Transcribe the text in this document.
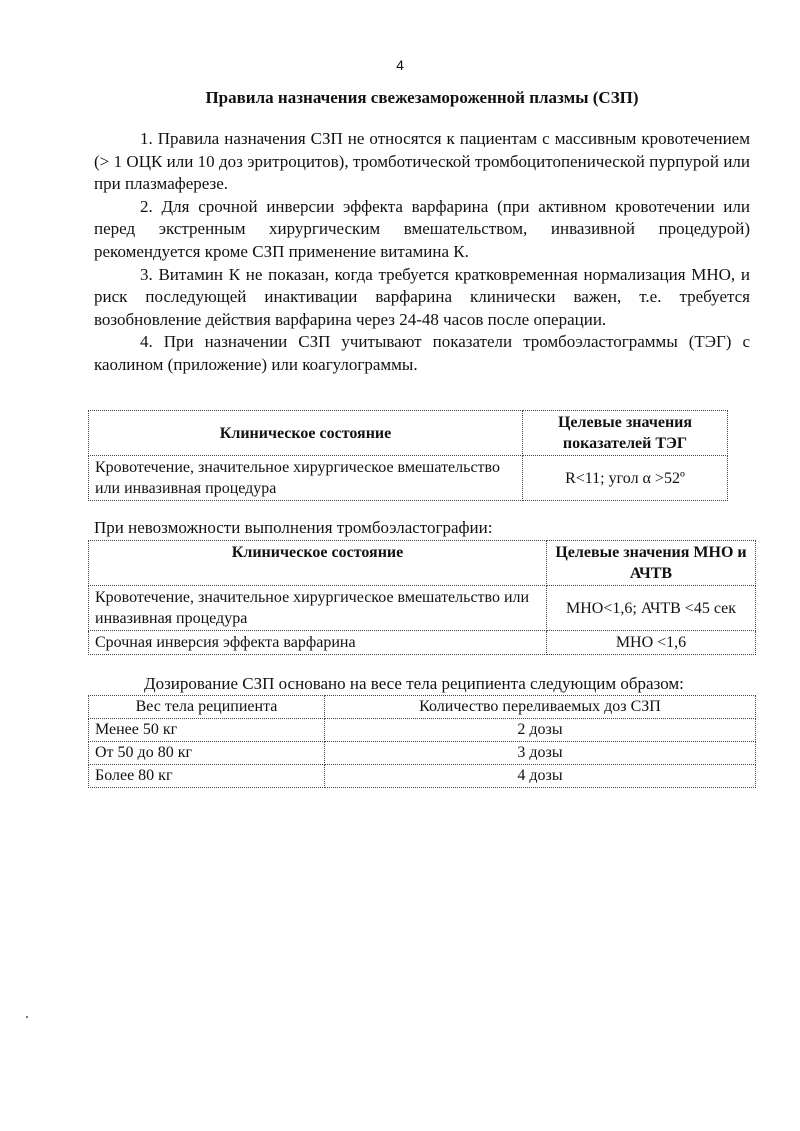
4
Правила назначения свежезамороженной плазмы (СЗП)

1. Правила назначения СЗП не относятся к пациентам с массивным кровотечением (> 1 ОЦК или 10 доз эритроцитов), тромботической тромбоцитопенической пурпурой или при плазмаферезе.

2. Для срочной инверсии эффекта варфарина (при активном кровотечении или перед экстренным хирургическим вмешательством, инвазивной процедурой) рекомендуется кроме СЗП применение витамина К.

3. Витамин К не показан, когда требуется кратковременная нормализация МНО, и риск последующей инактивации варфарина клинически важен, т.е. требуется возобновление действия варфарина через 24-48 часов после операции.

4. При назначении СЗП учитывают показатели тромбоэластограммы (ТЭГ) с каолином (приложение) или коагулограммы.

Клиническое состояние	Целевые значения показателей ТЭГ
Кровотечение, значительное хирургическое вмешательство или инвазивная процедура	R<11; угол α >52º
При невозможности выполнения тромбоэластографии:
Клиническое состояние	Целевые значения МНО и АЧТВ
Кровотечение, значительное хирургическое вмешательство или инвазивная процедура	МНО<1,6; АЧТВ <45 сек
Срочная инверсия эффекта варфарина	МНО <1,6
Дозирование СЗП основано на весе тела реципиента следующим образом:
Вес тела реципиента	Количество переливаемых доз СЗП
Менее 50 кг	2 дозы
От 50 до 80 кг	3 дозы
Более 80 кг	4 дозы
